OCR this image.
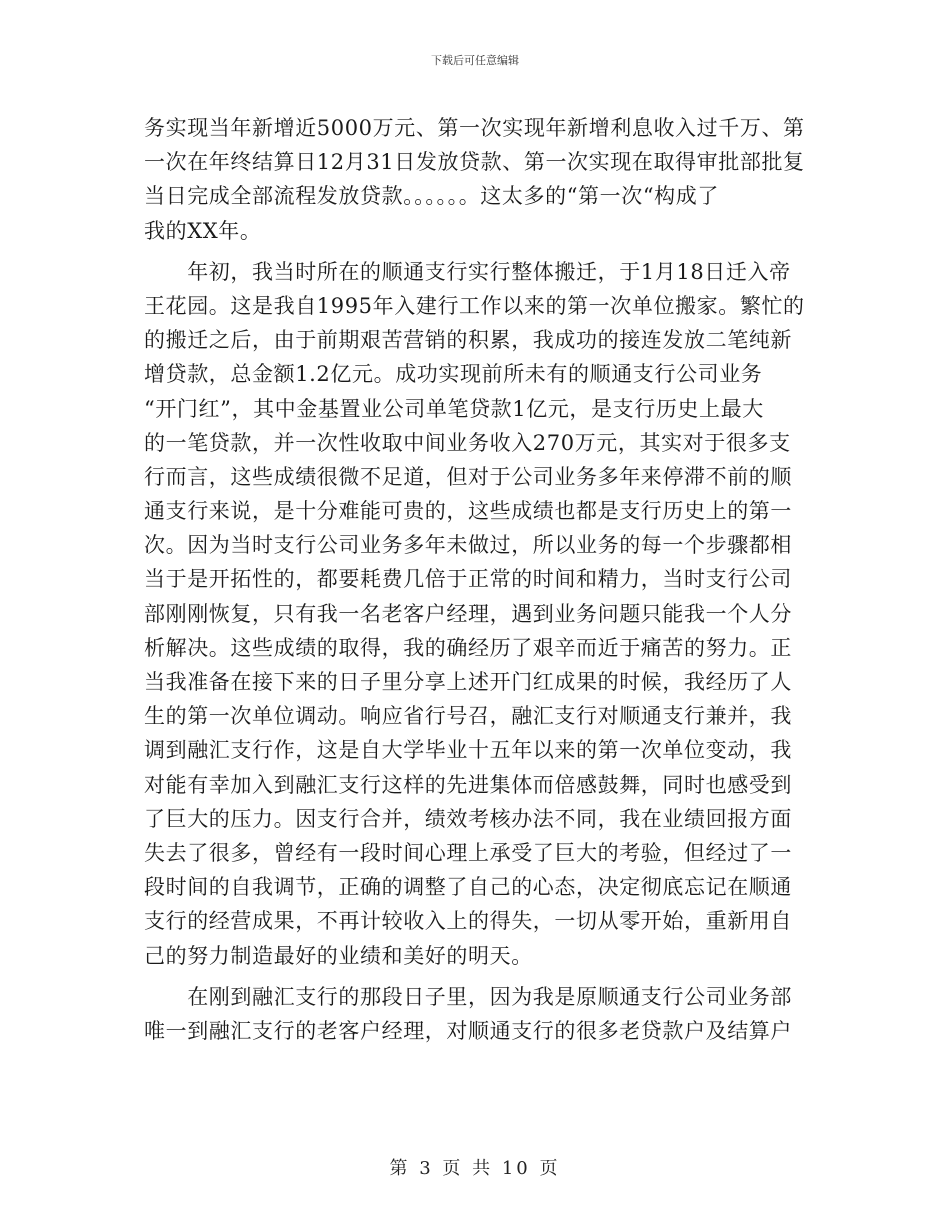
下载后可任意编辑
务实现当年新增近5000万元、第一次实现年新增利息收入过千万、第
一次在年终结算日12月31日发放贷款、第一次实现在取得审批部批复
当日完成全部流程发放贷款。。。。。。这太多的“第一次“构成了
我的XX年。
　　年初，我当时所在的顺通支行实行整体搬迁，于1月18日迁入帝
王花园。这是我自1995年入建行工作以来的第一次单位搬家。繁忙的
的搬迁之后，由于前期艰苦营销的积累，我成功的接连发放二笔纯新
增贷款，总金额1.2亿元。成功实现前所未有的顺通支行公司业务
“开门红”，其中金基置业公司单笔贷款1亿元，是支行历史上最大
的一笔贷款，并一次性收取中间业务收入270万元，其实对于很多支
行而言，这些成绩很微不足道，但对于公司业务多年来停滞不前的顺
通支行来说，是十分难能可贵的，这些成绩也都是支行历史上的第一
次。因为当时支行公司业务多年未做过，所以业务的每一个步骤都相
当于是开拓性的，都要耗费几倍于正常的时间和精力，当时支行公司
部刚刚恢复，只有我一名老客户经理，遇到业务问题只能我一个人分
析解决。这些成绩的取得，我的确经历了艰辛而近于痛苦的努力。正
当我准备在接下来的日子里分享上述开门红成果的时候，我经历了人
生的第一次单位调动。响应省行号召，融汇支行对顺通支行兼并，我
调到融汇支行作，这是自大学毕业十五年以来的第一次单位变动，我
对能有幸加入到融汇支行这样的先进集体而倍感鼓舞，同时也感受到
了巨大的压力。因支行合并，绩效考核办法不同，我在业绩回报方面
失去了很多，曾经有一段时间心理上承受了巨大的考验，但经过了一
段时间的自我调节，正确的调整了自己的心态，决定彻底忘记在顺通
支行的经营成果，不再计较收入上的得失，一切从零开始，重新用自
己的努力制造最好的业绩和美好的明天。
　　在刚到融汇支行的那段日子里，因为我是原顺通支行公司业务部
唯一到融汇支行的老客户经理，对顺通支行的很多老贷款户及结算户
第 3 页 共 10 页
